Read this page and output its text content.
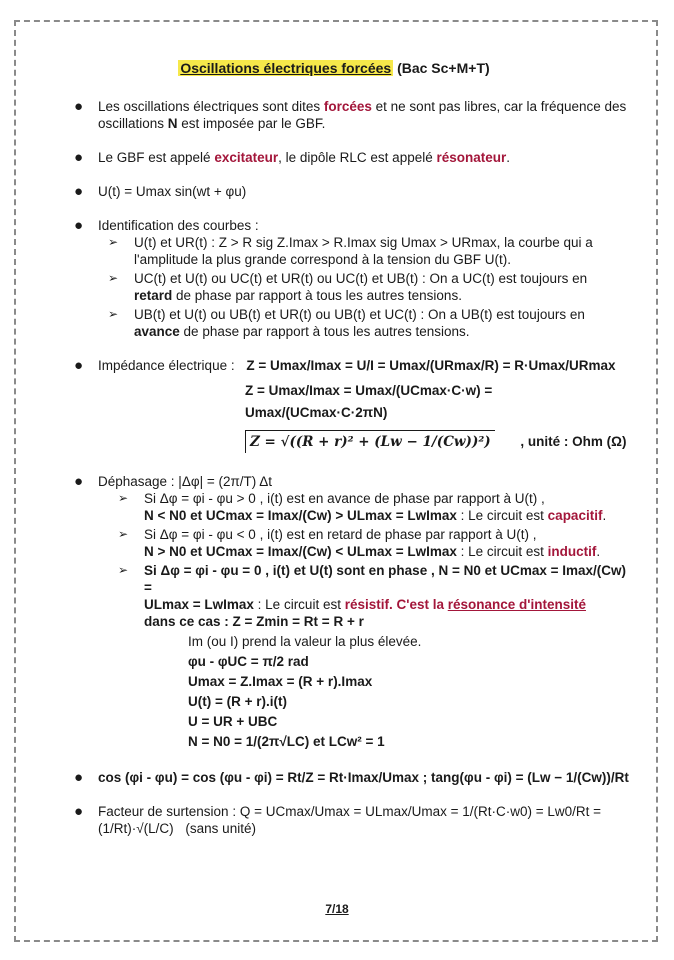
Oscillations électriques forcées (Bac Sc+M+T)
● Les oscillations électriques sont dites forcées et ne sont pas libres, car la fréquence des oscillations N est imposée par le GBF.
● Le GBF est appelé excitateur, le dipôle RLC est appelé résonateur.
● U(t) = Umax sin(wt + φu)
● Identification des courbes :
➢ U(t) et UR(t) : Z > R sig Z.Imax > R.Imax sig Umax > URmax, la courbe qui a
l'amplitude la plus grande correspond à la tension du GBF U(t).
➢ UC(t) et U(t) ou UC(t) et UR(t) ou UC(t) et UB(t) : On a UC(t) est toujours en
retard de phase par rapport à tous les autres tensions.
➢ UB(t) et U(t) ou UB(t) et UR(t) ou UB(t) et UC(t) : On a UB(t) est toujours en
avance de phase par rapport à tous les autres tensions.
● Impédance électrique : Z = Umax/Imax = U/I = Umax/(URmax/R) = R·Umax/URmax
Z = Umax/Imax = Umax/(UCmax·C·w) = Umax/(UCmax·C·2πN)
Z = √((R + r)² + (Lw − 1/(Cw))²) , unité : Ohm (Ω)
● Déphasage : |Δφ| = (2π/T) Δt
➢ Si Δφ = φi - φu > 0 , i(t) est en avance de phase par rapport à U(t) ,
N < N0 et UCmax = Imax/(Cw) > ULmax = LwImax : Le circuit est capacitif.
➢ Si Δφ = φi - φu < 0 , i(t) est en retard de phase par rapport à U(t) ,
N > N0 et UCmax = Imax/(Cw) < ULmax = LwImax : Le circuit est inductif.
➢ Si Δφ = φi - φu = 0 , i(t) et U(t) sont en phase , N = N0 et UCmax = Imax/(Cw) =
ULmax = LwImax : Le circuit est résistif. C'est la résonance d'intensité
dans ce cas : Z = Zmin = Rt = R + r
Im (ou I) prend la valeur la plus élevée.
φu - φUC = π/2 rad
Umax = Z.Imax = (R + r).Imax
U(t) = (R + r).i(t)
U = UR + UBC
N = N0 = 1/(2π√LC) et LCw² = 1
● cos (φi - φu) = cos (φu - φi) = Rt/Z = Rt·Imax/Umax ; tang(φu - φi) = (Lw − 1/(Cw))/Rt
● Facteur de surtension : Q = UCmax/Umax = ULmax/Umax = 1/(Rt·C·w0) = Lw0/Rt = (1/Rt)·√(L/C) (sans unité)
7/18
